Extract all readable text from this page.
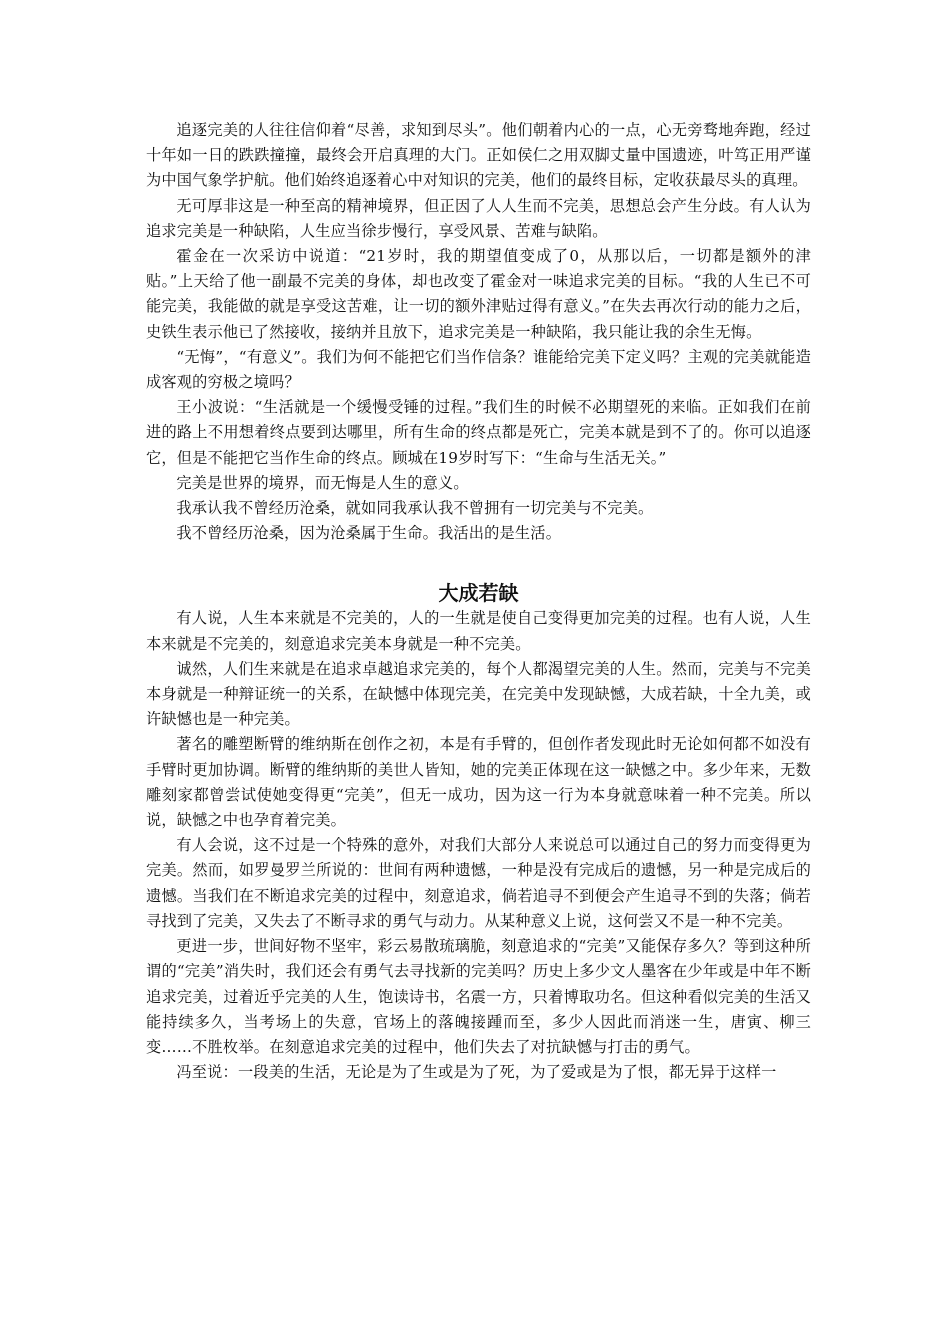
追逐完美的人往往信仰着“尽善，求知到尽头”。他们朝着内心的一点，心无旁骛地奔跑，经过十年如一日的跌跌撞撞，最终会开启真理的大门。正如侯仁之用双脚丈量中国遗迹，叶笃正用严谨为中国气象学护航。他们始终追逐着心中对知识的完美，他们的最终目标，定收获最尽头的真理。

无可厚非这是一种至高的精神境界，但正因了人人生而不完美，思想总会产生分歧。有人认为追求完美是一种缺陷，人生应当徐步慢行，享受风景、苦难与缺陷。

霍金在一次采访中说道：“21岁时，我的期望值变成了0，从那以后，一切都是额外的津贴。”上天给了他一副最不完美的身体，却也改变了霍金对一味追求完美的目标。“我的人生已不可能完美，我能做的就是享受这苦难，让一切的额外津贴过得有意义。”在失去再次行动的能力之后，史铁生表示他已了然接收，接纳并且放下，追求完美是一种缺陷，我只能让我的余生无悔。

“无悔”，“有意义”。我们为何不能把它们当作信条？谁能给完美下定义吗？主观的完美就能造成客观的穷极之境吗？

王小波说：“生活就是一个缓慢受锤的过程。”我们生的时候不必期望死的来临。正如我们在前进的路上不用想着终点要到达哪里，所有生命的终点都是死亡，完美本就是到不了的。你可以追逐它，但是不能把它当作生命的终点。顾城在19岁时写下：“生命与生活无关。”

完美是世界的境界，而无悔是人生的意义。

我承认我不曾经历沧桑，就如同我承认我不曾拥有一切完美与不完美。

我不曾经历沧桑，因为沧桑属于生命。我活出的是生活。

大成若缺

有人说，人生本来就是不完美的，人的一生就是使自己变得更加完美的过程。也有人说，人生本来就是不完美的，刻意追求完美本身就是一种不完美。

诚然，人们生来就是在追求卓越追求完美的，每个人都渴望完美的人生。然而，完美与不完美本身就是一种辩证统一的关系，在缺憾中体现完美，在完美中发现缺憾，大成若缺，十全九美，或许缺憾也是一种完美。

著名的雕塑断臂的维纳斯在创作之初，本是有手臂的，但创作者发现此时无论如何都不如没有手臂时更加协调。断臂的维纳斯的美世人皆知，她的完美正体现在这一缺憾之中。多少年来，无数雕刻家都曾尝试使她变得更“完美”，但无一成功，因为这一行为本身就意味着一种不完美。所以说，缺憾之中也孕育着完美。

有人会说，这不过是一个特殊的意外，对我们大部分人来说总可以通过自己的努力而变得更为完美。然而，如罗曼罗兰所说的：世间有两种遗憾，一种是没有完成后的遗憾，另一种是完成后的遗憾。当我们在不断追求完美的过程中，刻意追求，倘若追寻不到便会产生追寻不到的失落；倘若寻找到了完美，又失去了不断寻求的勇气与动力。从某种意义上说，这何尝又不是一种不完美。

更进一步，世间好物不坚牢，彩云易散琉璃脆，刻意追求的“完美”又能保存多久？等到这种所谓的“完美”消失时，我们还会有勇气去寻找新的完美吗？历史上多少文人墨客在少年或是中年不断追求完美，过着近乎完美的人生，饱读诗书，名震一方，只着博取功名。但这种看似完美的生活又能持续多久，当考场上的失意，官场上的落魄接踵而至，多少人因此而消迷一生，唐寅、柳三变……不胜枚举。在刻意追求完美的过程中，他们失去了对抗缺憾与打击的勇气。

冯至说：一段美的生活，无论是为了生或是为了死，为了爱或是为了恨，都无异于这样一
